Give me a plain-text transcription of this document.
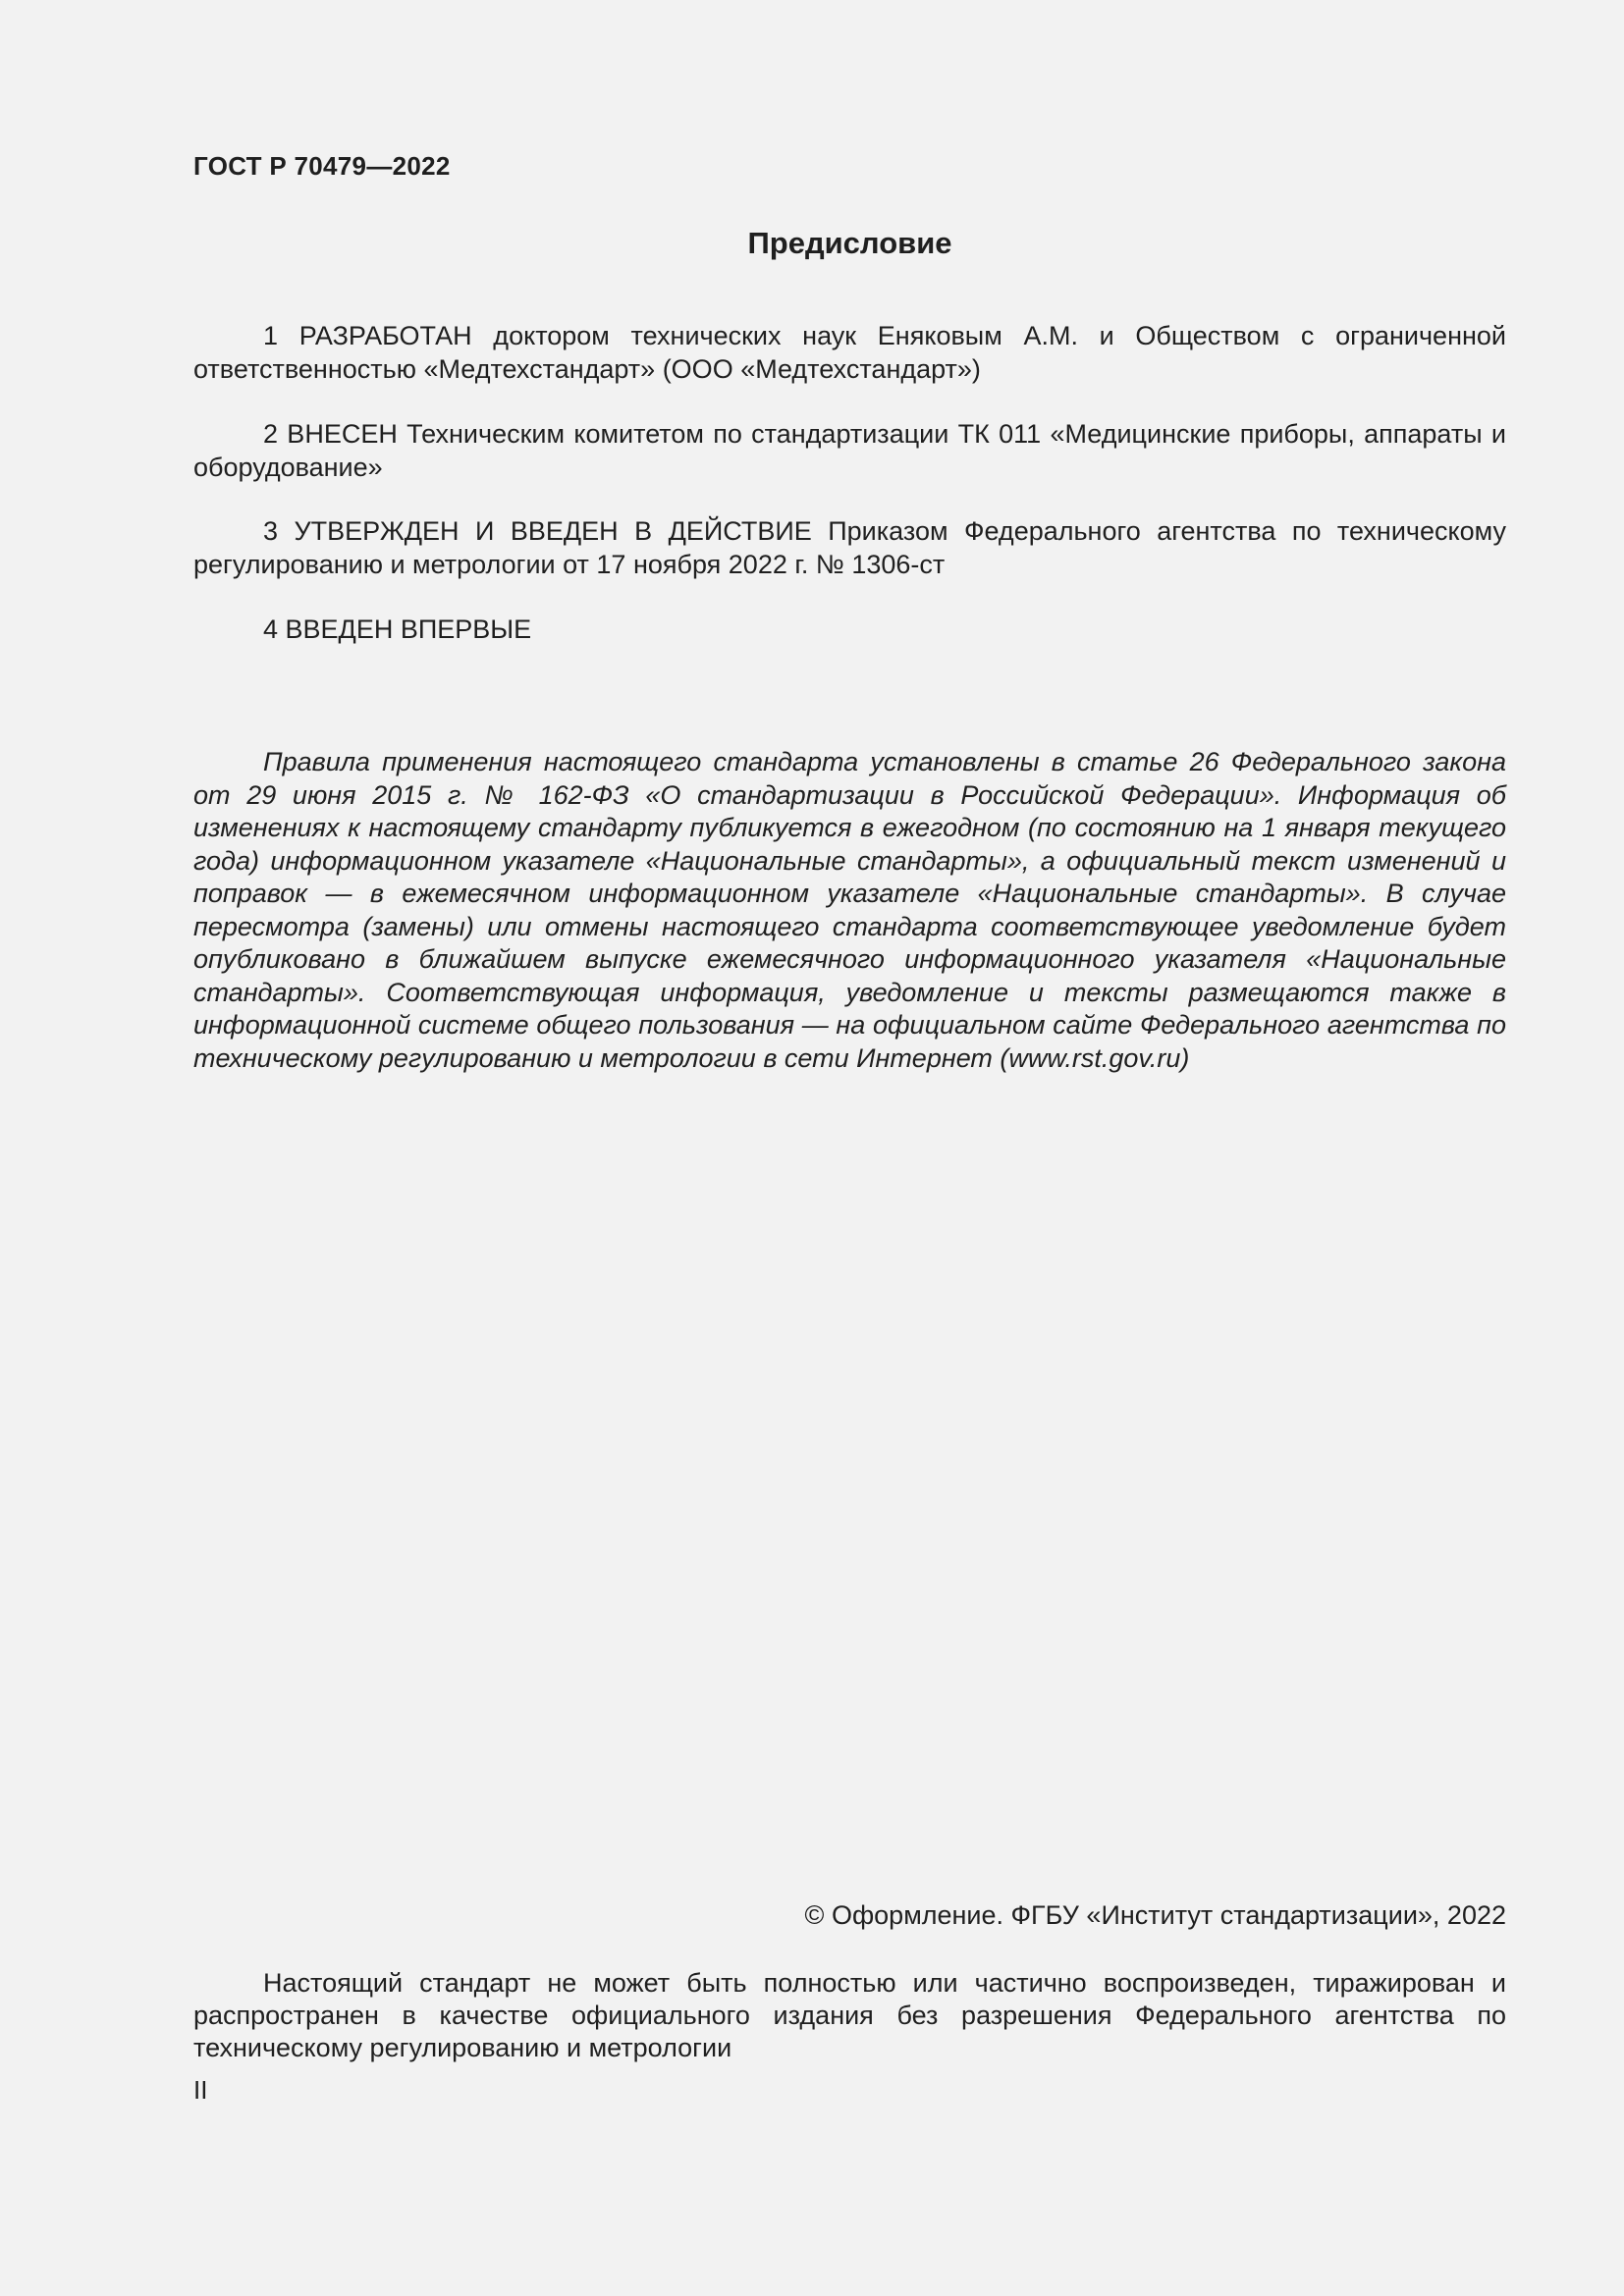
ГОСТ Р 70479—2022
Предисловие

1 РАЗРАБОТАН доктором технических наук Еняковым А.М. и Обществом с ограниченной ответственностью «Медтехстандарт» (ООО «Медтехстандарт»)

2 ВНЕСЕН Техническим комитетом по стандартизации ТК 011 «Медицинские приборы, аппараты и оборудование»

3 УТВЕРЖДЕН И ВВЕДЕН В ДЕЙСТВИЕ Приказом Федерального агентства по техническому регулированию и метрологии от 17 ноября 2022 г. № 1306-ст

4 ВВЕДЕН ВПЕРВЫЕ

Правила применения настоящего стандарта установлены в статье 26 Федерального закона от 29 июня 2015 г. № 162-ФЗ «О стандартизации в Российской Федерации». Информация об изменениях к настоящему стандарту публикуется в ежегодном (по состоянию на 1 января текущего года) информационном указателе «Национальные стандарты», а официальный текст изменений и поправок — в ежемесячном информационном указателе «Национальные стандарты». В случае пересмотра (замены) или отмены настоящего стандарта соответствующее уведомление будет опубликовано в ближайшем выпуске ежемесячного информационного указателя «Национальные стандарты». Соответствующая информация, уведомление и тексты размещаются также в информационной системе общего пользования — на официальном сайте Федерального агентства по техническому регулированию и метрологии в сети Интернет (www.rst.gov.ru)

© Оформление. ФГБУ «Институт стандартизации», 2022

Настоящий стандарт не может быть полностью или частично воспроизведен, тиражирован и распространен в качестве официального издания без разрешения Федерального агентства по техническому регулированию и метрологии

II
